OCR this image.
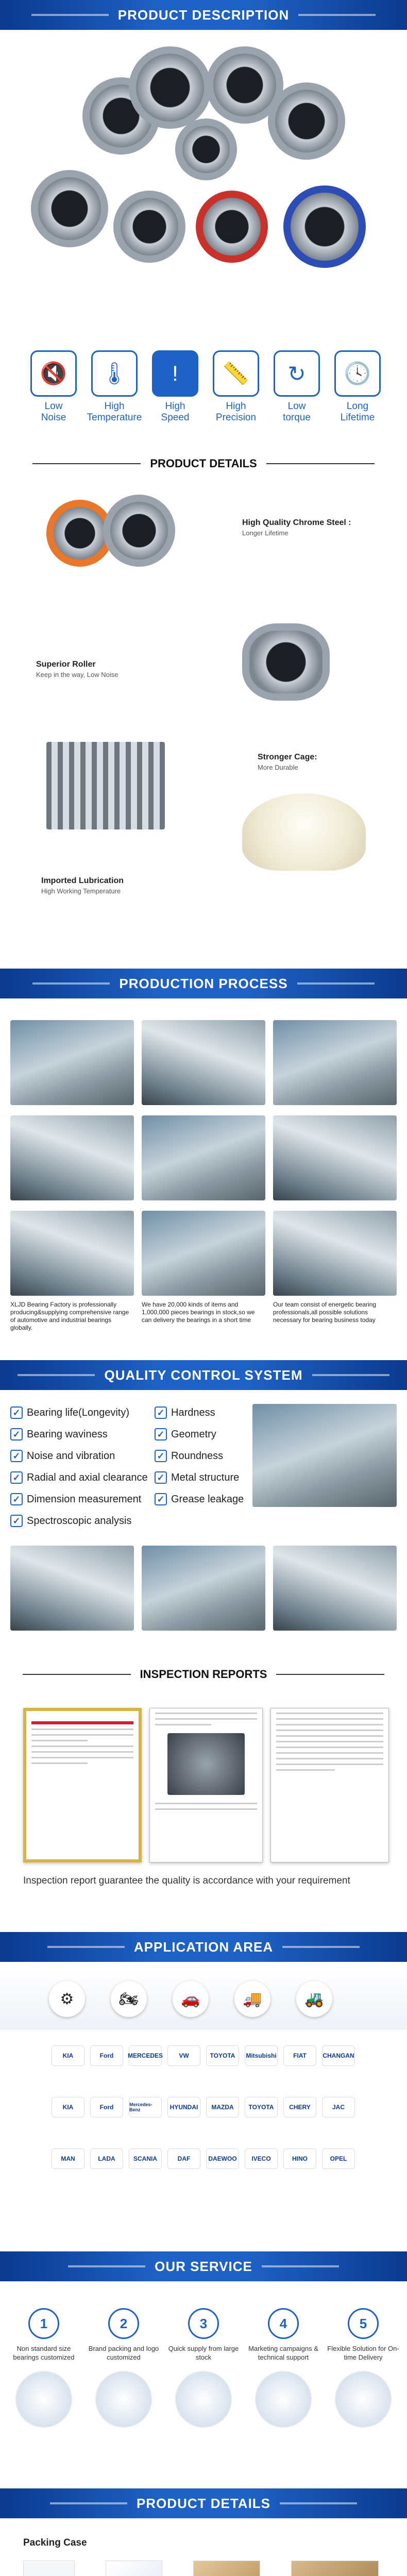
PRODUCT DESCRIPTION
🔇
Low
Noise
🌡
High
Temperature
!
High
Speed
📏
High
Precision
↻
Low
torque
🕓
Long
Lifetime
PRODUCT DETAILS
High Quality Chrome Steel :
Longer Lifetime
Superior Roller
Keep in the way, Low Noise
Stronger Cage:
More Durable
Imported Lubrication
High Working Temperature
PRODUCTION PROCESS
XLJD Bearing Factory is professionally producing&supplying comprehensive range of automotive and industrial bearings globally.
We have 20,000 kinds of items and 1,000,000 pieces bearings in stock,so we can delivery the bearings in a short time
Our team consist of energetic bearing professionals,all possible solutions necessary for bearing business today
QUALITY CONTROL SYSTEM
✓ Bearing life(Longevity)
✓ Bearing waviness
✓ Noise and vibration
✓ Radial and axial clearance
✓ Dimension measurement
✓ Spectroscopic analysis
✓ Hardness
✓ Geometry
✓ Roundness
✓ Metal structure
✓ Grease leakage
INSPECTION REPORTS
Inspection report guarantee the quality is accordance with your requirement
APPLICATION AREA
⚙	🏍	🚗	🚚	🚜
KIA	Ford	MERCEDES	VW	TOYOTA	Mitsubishi	FIAT	CHANGAN
KIA	Ford	Mercedes-Benz	HYUNDAI	MAZDA	TOYOTA	CHERY	JAC
MAN	LADA	SCANIA	DAF	DAEWOO	IVECO	HINO	OPEL
OUR SERVICE
1
Non standard size bearings customized
2
Brand packing and logo customized
3
Quick supply from large stock
4
Marketing campaigns & technical support
5
Flexible Solution for On-time Delivery
PRODUCT DETAILS
Packing Case
